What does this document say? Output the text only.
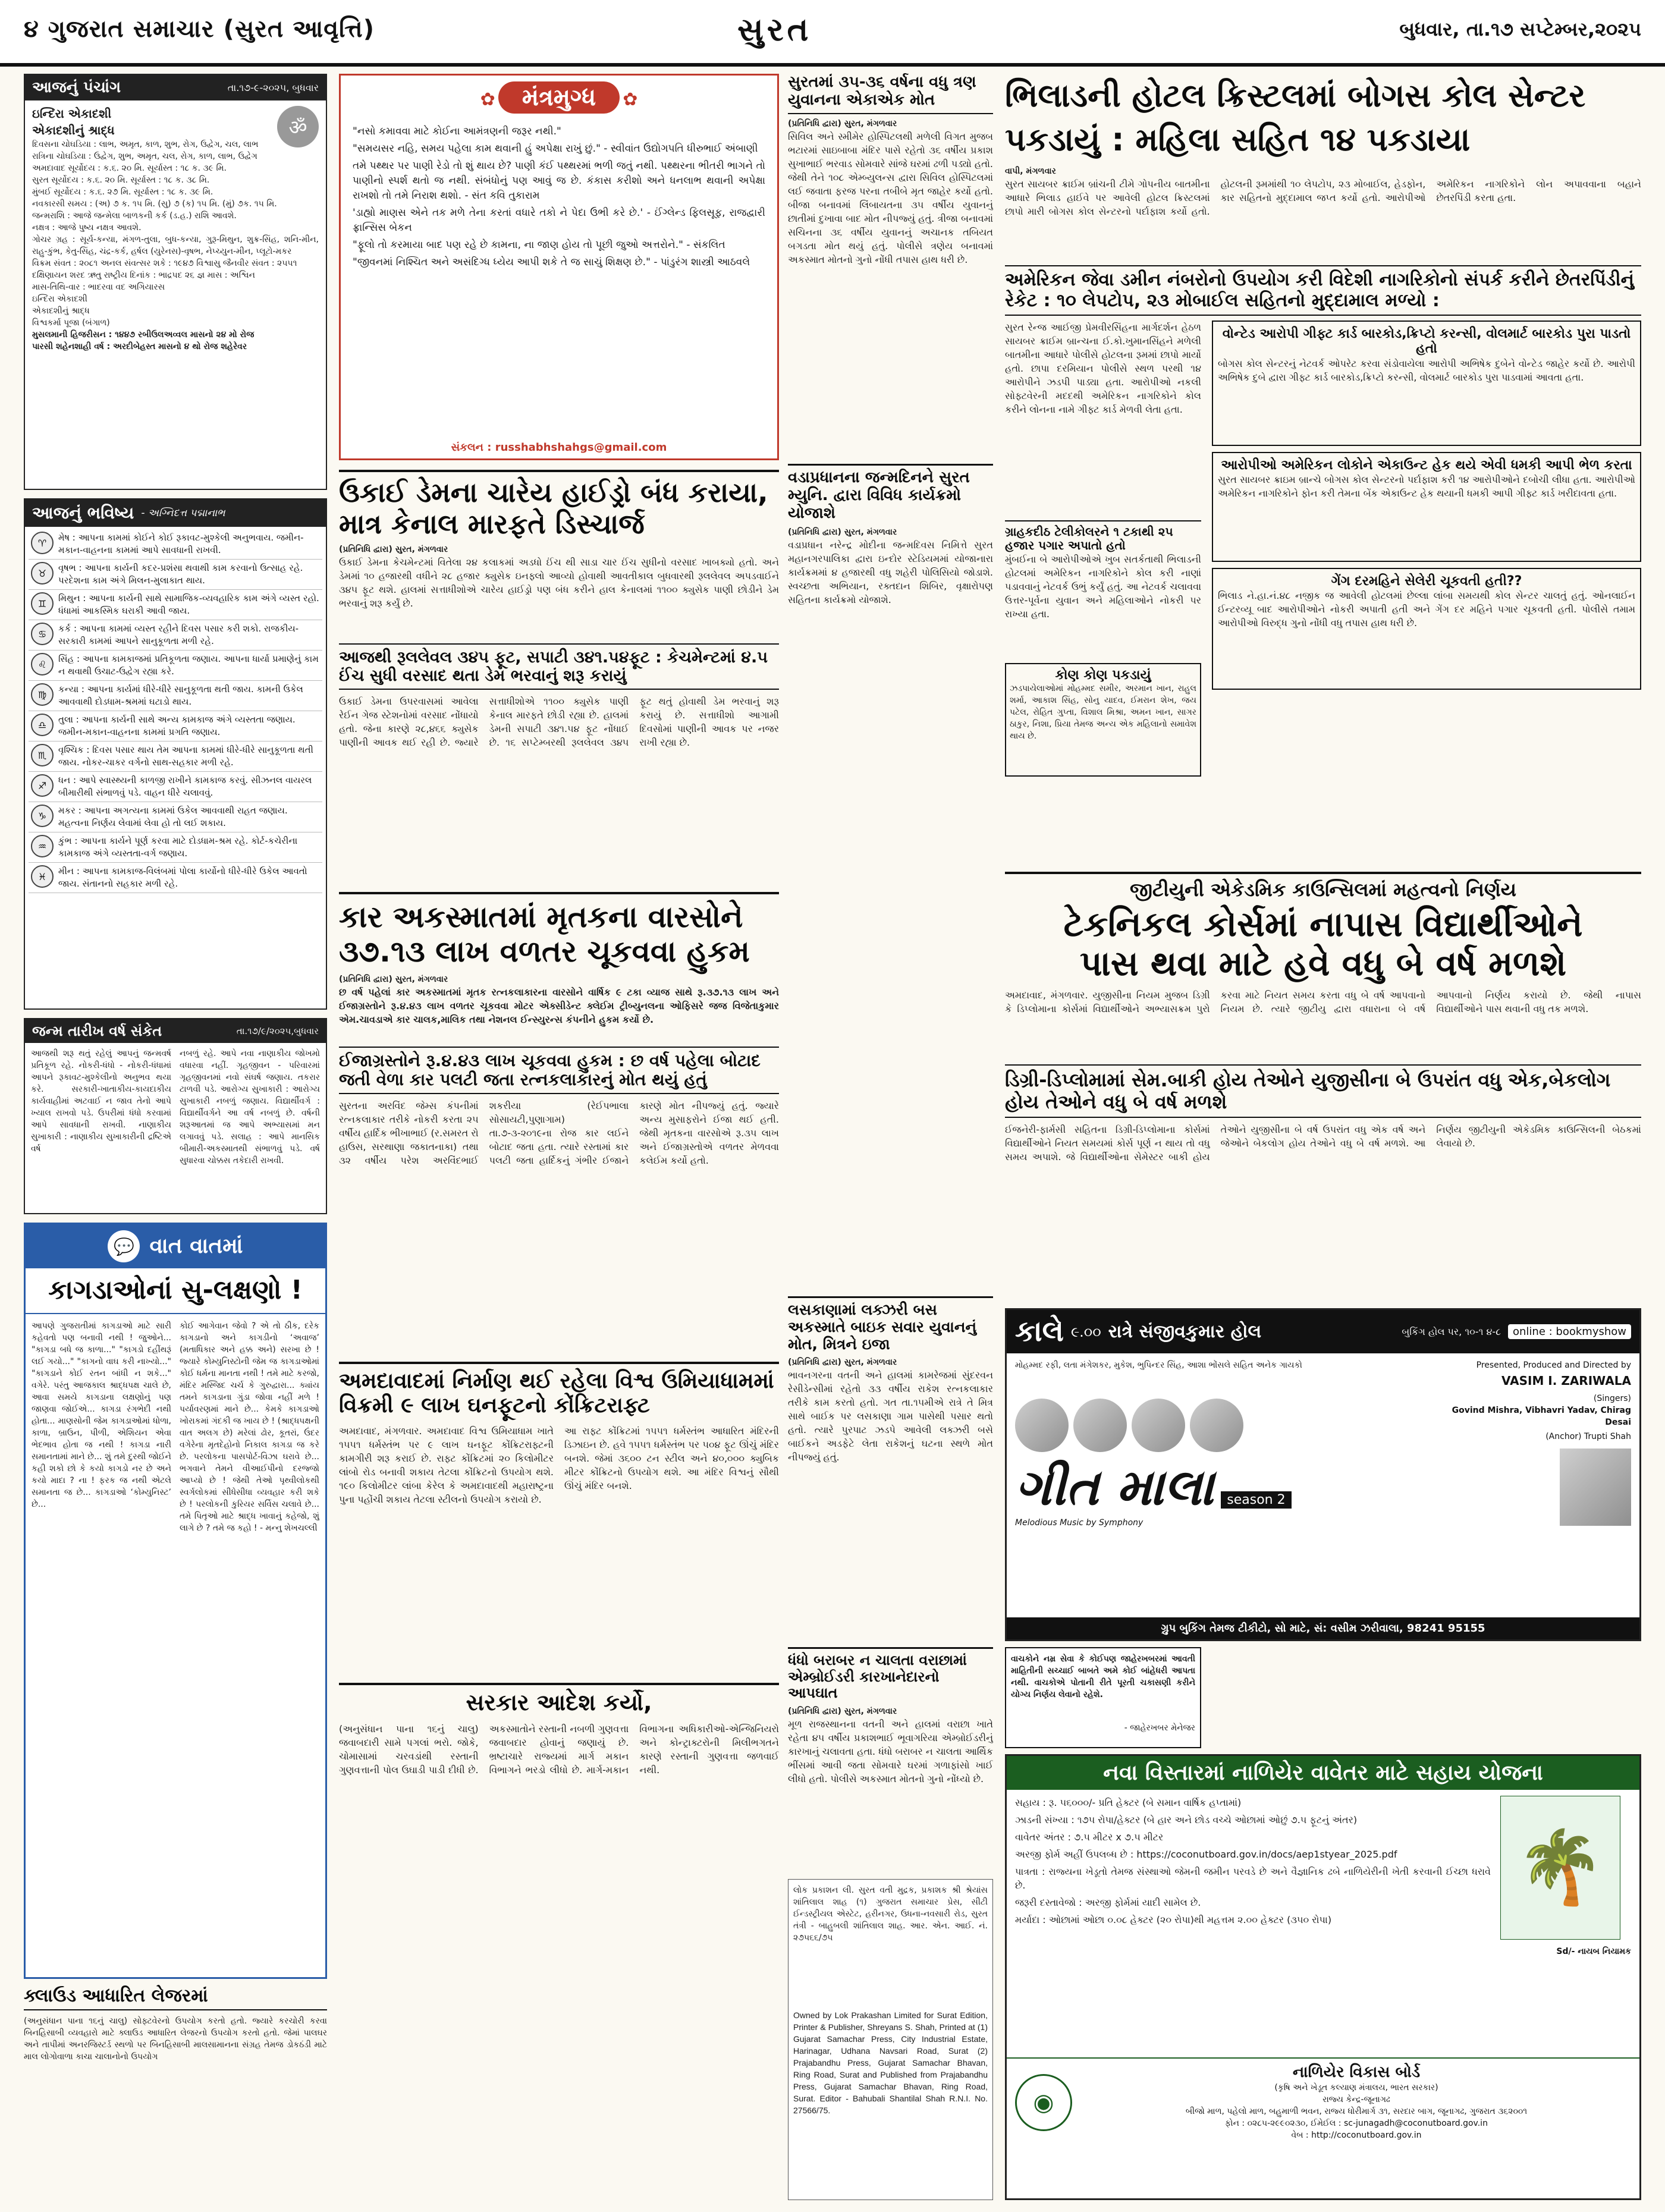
૪ ગુજરાત સમાચાર (સુરત આવૃત્તિ)	સુરત	બુધવાર, તા.૧૭ સપ્ટેમ્બર,૨૦૨૫
આજનું પંચાંગ	તા.૧૭-૯-૨૦૨૫, બુધવાર
ॐ
ઇન્દિરા એકાદશી
એકાદશીનું શ્રાદ્ધ
દિવસના ચોઘડિયા : લાભ, અમૃત, કાળ, શુભ, રોગ, ઉદ્વેગ, ચલ, લાભ
રાત્રિના ચોઘડિયા : ઉદ્વેગ, શુભ, અમૃત, ચલ, રોગ, કાળ, લાભ, ઉદ્વેગ
અમદાવાદ સૂર્યોદય : ક.૬. ૨૦ મિ. સૂર્યાસ્ત : ૧૮ ક. ૩૯ મિ.
સુરત સૂર્યોદય : ક.૬. ૨૦ મિ. સૂર્યાસ્ત : ૧૮ ક. ૩૮ મિ.
મુંબઈ સૂર્યોદય : ક.૬. ૨૭ મિ. સૂર્યાસ્ત : ૧૮ ક. ૩૯ મિ.
નવકારસી સમય : (અ) ૭ ક. ૧૫ મિ. (સુ) ૭ (ક) ૧૫ મિ. (મું) ૭ક. ૧૫ મિ.
જન્મરાશિ : આજે જન્મેલા બાળકની કર્ક (ડ.હ.) રાશિ આવશે.
નક્ષત્ર : આજે પુષ્ય નક્ષત્ર આવશે.
ગોચર ગ્રહ : સૂર્ય-કન્યા, મંગળ-તુલા, બુધ-કન્યા, ગુરૂ-મિથુન, શુક્ર-સિંહ, શનિ-મીન, રાહુ-કુંભ, કેતુ-સિંહ, ચંદ્ર-કર્ક, હર્ષલ (યુરેનસ)-વૃષભ, નેપ્ચ્યુન-મીન, પ્લૂટો-મકર
વિક્રમ સંવત : ૨૦૮૧ અનલ સંવત્સર શકે : ૧૯૪૭ વિશ્વાસુ જૈનવીર સંવત : ૨૫૫૧
દક્ષિણાયન શરદ ઋતુ રાષ્ટ્રીય દિનાંક : ભાદ્રપદ ૨૬ જ્ઞ માસ : અશ્વિન
માસ-તિથિ-વાર : ભાદરવા વદ અગિયારસ
ઇન્દિરા એકાદશી
એકાદશીનું શ્રાદ્ધ
વિશ્વકર્મા પૂજા (બંગાળ)
મુસલમાની હિજરીસન : ૧૪૪૭ રબીઉલઅવ્વલ માસનો ૨૪ મો રોજ
પારસી શહેનશાહી વર્ષ : અરદીબેહસ્ત માસનો ૪ થો રોજ શહેરેવર
આજનું ભવિષ્ય - અગ્નિદત્ત પદ્માનાભ
♈	મેષ : આપના કામમાં કોઈને કોઈ રૂકાવટ-મુશ્કેલી અનુભવાય. જમીન-મકાન-વાહનના કામમાં આપે સાવધાની રાખવી.
♉	વૃષભ : આપના કાર્યની કદર-પ્રશંસા થવાથી કામ કરવાનો ઉત્સાહ રહે. પરદેશના કામ અંગે મિલન-મુલાકાત થાય.
♊	મિથુન : આપના કાર્યની સાથે સામાજિક-વ્યવહારિક કામ અંગે વ્યસ્ત રહો. ધંધામાં આકસ્મિક ઘરાકી આવી જાય.
♋	કર્ક : આપના કામમાં વ્યસ્ત રહીને દિવસ પસાર કરી શકો. રાજકીય-સરકારી કામમાં આપને સાનુકૂળતા મળી રહે.
♌	સિંહ : આપના કામકાજમાં પ્રતિકૂળતા જણાય. આપના ધાર્યા પ્રમાણેનું કામ ન થવાથી ઉચાટ-ઉદ્વેગ રહ્યા કરે.
♍	કન્યા : આપના કાર્યમાં ધીરે-ધીરે સાનુકૂળતા થતી જાય. કામની ઉકેલ આવવાથી દોડધામ-શ્રમમાં ઘટાડો થાય.
♎	તુલા : આપના કાર્યની સાથે અન્ય કામકાજ અંગે વ્યસ્તતા જણાય. જમીન-મકાન-વાહનના કામમાં પ્રગતિ જણાય.
♏	વૃશ્ચિક : દિવસ પસાર થાય તેમ આપના કામમાં ધીરે-ધીરે સાનુકૂળતા થતી જાય. નોકર-ચાકર વર્ગનો સાથ-સહકાર મળી રહે.
♐	ધન : આપે સ્વાસ્થ્યની કાળજી રાખીને કામકાજ કરવું. સીઝનલ વાયરલ બીમારીથી સંભાળવું પડે. વાહન ધીરે ચલાવવું.
♑	મકર : આપના અગત્યના કામમાં ઉકેલ આવવાથી રાહત જણાય. મહત્વના નિર્ણય લેવામાં લેવા હો તો લઈ શકાય.
♒	કુંભ : આપના કાર્યને પૂર્ણ કરવા માટે દોડધામ-શ્રમ રહે. કોર્ટ-કચેરીના કામકાજ અંગે વ્યસ્તતા-વર્ગ જણાય.
♓	મીન : આપના કામકાજ-વિલંબમાં પોલા કાર્યોનો ધીરે-ધીરે ઉકેલ આવતો જાય. સંતાનનો સહકાર મળી રહે.
જન્મ તારીખ વર્ષ સંકેત	તા.૧૭/૯/૨૦૨૫,બુધવાર
આજથી શરૂ થતું રહેલું આપનું જન્મવર્ષ પ્રતિકૂળ રહે. નોકરી-ધંધો - નોકરી-ધંધામાં આપને રૂકાવટ-મુશ્કેલીનો અનુભવ થયા કરે. સરકારી-ખાતાકીય-કાયદાકીય કાર્યવાહીમાં અટવાઈ ન જાવ તેનો આપે ખ્યાલ રાખવો પડે. ઉપરીમાં ધંધો કરવામાં આપે સાવધાની રાખવી. નાણાકીય સુખાકારી : નાણાકીય સુખાકારીની દ્રષ્ટિએ વર્ષ
નબળું રહે. આપે નવા નાણાકીય જોખમો વધારવા નહીં. ગૃહજીવન - પરિવારમાં ગૃહજીવનમાં નવો સંઘર્ષ જણાય. તકરાર ટાળવી પડે. આરોગ્ય સુખાકારી : આરોગ્ય સુખાકારી નબળું જણાય. વિદ્યાર્થીવર્ગ : વિદ્યાર્થીવર્ગને આ વર્ષ નબળું છે. વર્ષની શરૂઆતમાં જ આપે અભ્યાસમાં મન લગાવવું પડે. સલાહ : આપે માનસિક બીમારી-અકસ્માતથી સંભાળવું પડે. વર્ષ સુધારવા ચોક્કસ તકેદારી રાખવી.
💬 વાત વાતમાં
કાગડાઓનાં સુ-લક્ષણો !
આપણે ગુજરાતીમાં કાગડાઓ માટે સારી કહેવતો પણ બનાવી નથી ! જુઓને... "કાગડા બધે જ કાળા..." "કાગડો દહીંથરૂં લઈ ગયો..." "કાગનો વાઘ કરી નાખ્યો..." "કાગડાને કોઈ રતન બાંધી ન શકે..." વગેરે. પરંતુ આજકાલ શ્રાદ્ધપક્ષ ચાલે છે, આવા સમયે કાગડાના લક્ષણોનું પણ જાણવા જોઈએ... કાગડા રંગભેદી નથી હોતા... માણસોની જેમ કાગડાઓમાં ધોળા, કાળા, બ્રાઉન, પીળી, એશિયન એવા ભેદભાવ હોતા જ નથી ! કાગડા નારી સમાનતામાં માને છે... શું તમે દુરથી જોઈને કહી શકો છો કે કયો કાગડો નર છે અને કયો માદા ? ના ! ફરક જ નથી એટલે સમાનતા જ છે... કાગડાઓ ‘કોમ્યુનિસ્ટ’ છે...
કોઈ આગેવાન જેવો ? એ તો ઠીક, દરેક કાગડાનો અને કાગડીનો ‘અવાજ’ (મતાધિકાર અને હક્ક અને) સરખા છે ! જ્યારે કોમ્યુનિસ્ટોની જેમ જ કાગડાઓમાં કોઈ ધર્મના માનતા નથી ! તમે માટે કરજો, મંદિર મસ્જિદ ચર્ચ કે ગુરુદ્વારા... ક્યાંય તમને કાગડાના ગુંડા જોવા નહીં મળે ! પર્યાવરણમાં માને છે... કેમકે કાગડાઓ ખોરાકમાં ગંદકી જ ખાય છે ! (શ્રાદ્ધપક્ષની વાત અલગ છે) મરેલાં ઢોર, કૂતરાં, ઉંદર વગેરેના મૃતદેહોનો નિકાલ કાગડા જ કરે છે. પરલોકના પાસપોર્ટ-વિઝા ઘરાવે છે... ભગવાને તેમને વીઆઈપીનો દરજ્જો આપ્યો છે ! જેથી તેઓ પૃથ્વીલોકથી સ્વર્ગલોકમાં સીધેસીધા વ્યવહાર કરી શકે છે ! પરલોકની કુરિયર સર્વિસ ચલાવે છે... તમે પિતૃઓ માટે શ્રાદ્ધ ખાવાનું કહેજો, શું લાગે છે ? તમે જ કહો ! - મન્નુ શેખચલ્લી
ક્લાઉડ આધારિત લેજરમાં
(અનુસંધાન પાના ૧૬નું ચાલુ) સોફ્ટવેરનો ઉપયોગ કરતો હતો. જ્યારે કરચોરી કરવા બિનહિસાબી વ્યવહારો માટે ક્લાઉડ આધારિત લેજરનો ઉપયોગ કરતો હતો. જેમાં પાલઘર અને તાપીમાં અનરજિસ્ટર્ડ સ્થળો પર બિનહિસાબી માલસામાનના સંગ્રહ તેમજ ડોકઠંડી માટે માલ લોગોવાળા કાચા ચાલાનોનો ઉપયોગ
✿ મંત્રમુગ્ધ ✿

"નસો કમાવવા માટે કોઈના આમંત્રણની જરૂર નથી."

"સમયસર નહિ, સમય પહેલા કામ થવાની હું અપેક્ષા રાખું છું." - સ્વીવાંત ઉદ્યોગપતિ ધીરુભાઈ અંબાણી

તમે પથ્થર પર પાણી રેડો તો શું થાય છે? પાણી કંઈ પથ્થરમાં ભળી જતું નથી. પથ્થરના ભીતરી ભાગને તો પાણીનો સ્પર્શ થતો જ નથી. સંબંધોનું પણ આવું જ છે. કંકાસ કરીશો અને ધનલાભ થવાની અપેક્ષા રાખશો તો તમે નિરાશ થશો. - સંત કવિ તુકારામ

'ડાહ્યો માણસ એને તક મળે તેના કરતાં વધારે તકો ને પેદા ઉભી કરે છે.' - ઈંગ્લેન્ડ ફિલસૂફ, રાજદ્વારી ફ્રાન્સિસ બેકન

"ફૂલો તો કરમાયા બાદ પણ રહે છે કામના, ના જાણ હોય તો પૂછી જુઓ અત્તરોને." - સંકલિત

"જીવનમાં નિશ્ચિત અને અસંદિગ્ધ ધ્યેય આપી શકે તે જ સાચું શિક્ષણ છે." - પાંડુરંગ શાસ્ત્રી આઠવલે

સંકલન : russhabhshahgs@gmail.com
ઉકાઈ ડેમના ચારેય હાઈડ્રો બંધ કરાયા, માત્ર કેનાલ મારફતે ડિસ્ચાર્જ
(પ્રતિનિધિ દ્વારા) સુરત, મંગળવાર
ઉકાઈ ડેમના કેચમેન્ટમાં વિતેલા ૨૪ કલાકમાં અડધો ઈંચ થી સાડા ચાર ઈંચ સુધીનો વરસાદ ખાબક્યો હતો. અને ડેમમાં ૧૦ હજારથી વધીને ૨૮ હજાર ક્યુસેક ઇનફ્લો આવ્યો હોવાથી આવતીકાલ બુધવારથી રૂલલેવલ અપડવાઈને ૩૪૫ ફૂટ થશે. હાલમાં સત્તાધીશોએ ચારેય હાઈડ્રો પણ બંધ કરીને હાલ કેનાલમાં ૧૧૦૦ ક્યુસેક પાણી છોડીને ડેમ ભરવાનું શરૂ કર્યું છે.
આજથી રૂલલેવલ ૩૪૫ ફૂટ, સપાટી ૩૪૧.૫૪ફૂટ : કેચમેન્ટમાં ૪.૫ ઈંચ સુધી વરસાદ થતા ડેમ ભરવાનું શરૂ કરાયું
ઉકાઈ ડેમના ઉપરવાસમાં આવેલા રેઈન ગેજ સ્ટેશનોમાં વરસાદ નોંધાયો હતો. જેના કારણે ૨૮,૪૬૬ ક્યુસેક પાણીની આવક થઈ રહી છે. જ્યારે સત્તાધીશોએ ૧૧૦૦ ક્યુસેક પાણી કેનાલ મારફતે છોડી રહ્યા છે. હાલમાં ડેમની સપાટી ૩૪૧.૫૪ ફૂટ નોંધાઈ છે. ૧૬ સપ્ટેમ્બરથી રૂલલેવલ ૩૪૫ ફૂટ થતું હોવાથી ડેમ ભરવાનું શરૂ કરાયું છે. સત્તાધીશો આગામી દિવસોમાં પાણીની આવક પર નજર રાખી રહ્યા છે.
કાર અકસ્માતમાં મૃતકના વારસોને ૩૭.૧૩ લાખ વળતર ચૂકવવા હુકમ
(પ્રતિનિધિ દ્વારા) સુરત, મંગળવાર
છ વર્ષ પહેલાં કાર અકસ્માતમાં મૃતક રત્નકલાકારના વારસોને વાર્ષિક ૯ ટકા વ્યાજ સાથે રૂ.૩૭.૧૩ લાખ અને ઈજાગ્રસ્તોને રૂ.૪.૪૩ લાખ વળતર ચૂકવવા મોટર એક્સીડેન્ટ ક્લેઈમ ટ્રીબ્યુનલના ઓફિસરે જજ વિજેતાકુમાર એમ.ચાવડાએ કાર ચાલક,માલિક તથા નેશનલ ઈન્સ્યુરન્સ કંપનીને હુકમ કર્યો છે.
ઈજાગ્રસ્તોને રૂ.૪.૪૩ લાખ ચૂકવવા હુકમ : છ વર્ષ પહેલા બોટાદ જતી વેળા કાર પલટી જતા રત્નકલાકારનું મોત થયું હતું
સુરતના અરવિંદ જેમ્સ કંપનીમાં રત્નકલાકાર તરીકે નોકરી કરતા ૨૫ વર્ષીય હાર્દિક ભીખાભાઈ (ર.સમરત રો હાઉસ, સરથાણા જકાતનાકા) તથા ૩૨ વર્ષીય પરેશ અરવિંદભાઈ શકરીયા (રેઈપભાલા સોસાયટી,પુણાગામ) તા.૭-૩-૨૦૧૯ના રોજ કાર લઈને બોટાદ જતા હતા. ત્યારે રસ્તામાં કાર પલટી જતા હાર્દિકનું ગંભીર ઈજાને કારણે મોત નીપજ્યું હતું. જ્યારે અન્ય મુસાફરોને ઈજા થઈ હતી. જેથી મૃતકના વારસોએ રૂ.૩૫ લાખ અને ઈજાગ્રસ્તોએ વળતર મેળવવા કલેઈમ કર્યો હતો.
અમદાવાદમાં નિર્માણ થઈ રહેલા વિશ્વ ઉમિયાધામમાં વિક્રમી ૯ લાખ ઘનફૂટનો કોંક્રિટરાફ્ટ
અમદાવાદ, મંગળવાર. અમદાવાદ વિશ્વ ઉમિયાધામ ખાતે ૧૫૫૧ ધર્મસ્તંભ પર ૯ લાખ ઘનફૂટ કોંક્રિટરાફ્ટની કામગીરી શરૂ કરાઈ છે. રાફ્ટ કોંક્રિટમાં ૨૦ કિલોમીટર લાંબો રોડ બનાવી શકાય તેટલા કોંક્રિટનો ઉપયોગ થશે. ૧૯૦ કિલોમીટર લાંબા કેરેલ કે અમદાવાદથી મહારાષ્ટ્રના પુના પહોંચી શકાય તેટલા સ્ટીલનો ઉપયોગ કરાયો છે.
આ રાફ્ટ કોંક્રિટમાં ૧૫૫૧ ધર્મસ્તંભ આધારિત મંદિરની ડિઝાઇન છે. હવે ૧૫૫૧ ધર્મસ્તંભ પર ૫૦૪ ફૂટ ઊંચું મંદિર બનશે. જેમાં ૩૬૦૦ ટન સ્ટીલ અને ૪૦,૦૦૦ ક્યુબિક મીટર કોંક્રિટનો ઉપયોગ થશે. આ મંદિર વિશ્વનું સૌથી ઊંચું મંદિર બનશે.
સરકાર આદેશ કર્યો,
(અનુસંધાન પાના ૧૬નું ચાલુ) જવાબદારી સામે પગલાં ભરો. જોકે, ચોમાસામાં ચરવડાંથી રસ્તાની ગુણવત્તાની પોલ ઉઘાડી પાડી દીધી છે. અકસ્માતોને રસ્તાની નબળી ગુણવત્તા જવાબદાર હોવાનું જણાયું છે. ભ્રષ્ટાચારે રાજ્યમાં માર્ગ મકાન વિભાગને ભરડો લીધો છે. માર્ગ-મકાન વિભાગના અધિકારીઓ-એન્જિનિયરો અને કોન્ટ્રાક્ટરોની મિલીભગતને કારણે રસ્તાની ગુણવત્તા જળવાઈ નથી.
સુરતમાં ૩૫-૩૬ વર્ષના વધુ ત્રણ યુવાનના એકાએક મોત
(પ્રતિનિધિ દ્વારા) સુરત, મંગળવાર
સિવિલ અને સ્મીમેર હોસ્પિટલથી મળેલી વિગત મુજબ ભટારમાં સાઇબાબા મંદિર પાસે રહેતો ૩૬ વર્ષીય પ્રકાશ સુખાભાઈ ભરવાડ સોમવારે સાંજે ઘરમાં ઢળી પડ્યો હતો. જેથી તેને ૧૦૮ એમ્બ્યુલન્સ દ્વારા સિવિલ હોસ્પિટલમાં લઈ જવાતા ફરજ પરના તબીબે મૃત જાહેર કર્યો હતો. બીજા બનાવમાં લિંબાયતના ૩૫ વર્ષીય યુવાનનું છાતીમાં દુખાવા બાદ મોત નીપજ્યું હતું. ત્રીજા બનાવમાં સચિનના ૩૬ વર્ષીય યુવાનનું અચાનક તબિયત બગડતા મોત થયું હતું. પોલીસે ત્રણેય બનાવમાં અકસ્માત મોતનો ગુનો નોંધી તપાસ હાથ ધરી છે.
વડાપ્રધાનના જન્મદિનને સુરત મ્યુનિ. દ્વારા વિવિધ કાર્યક્રમો યોજાશે
(પ્રતિનિધિ દ્વારા) સુરત, મંગળવાર
વડાપ્રધાન નરેન્દ્ર મોદીના જન્મદિવસ નિમિત્તે સુરત મહાનગરપાલિકા દ્વારા ઇન્દોર સ્ટેડિયમમાં યોજાનારા કાર્યક્રમમાં ૪ હજારથી વધુ શહેરી પોલિસિયો જોડાશે. સ્વચ્છતા અભિયાન, રક્તદાન શિબિર, વૃક્ષારોપણ સહિતના કાર્યક્રમો યોજાશે.
લસકાણામાં લક્ઝરી બસ અકસ્માતે બાઇક સવાર યુવાનનું મોત, મિત્રને ઇજા
(પ્રતિનિધિ દ્વારા) સુરત, મંગળવાર
ભાવનગરના વતની અને હાલમાં કામરેજમાં સુંદરવન રેસીડેન્સીમાં રહેતો ૩૩ વર્ષીય રાકેશ રત્નકલાકાર તરીકે કામ કરતો હતો. ગત તા.૧૫મીએ રાત્રે તે મિત્ર સાથે બાઈક પર લસકાણા ગામ પાસેથી પસાર થતો હતો. ત્યારે પુરપાટ ઝડપે આવેલી લક્ઝરી બસે બાઈકને અડફેટે લેતા રાકેશનું ઘટના સ્થળે મોત નીપજ્યું હતું.
ધંધો બરાબર ન ચાલતા વરાછામાં એમ્બ્રોઈડરી કારખાનેદારનો આપઘાત
(પ્રતિનિધિ દ્વારા) સુરત, મંગળવાર
મૂળ રાજસ્થાનના વતની અને હાલમાં વરાછા ખાતે રહેતા ૪૫ વર્ષીય પ્રકાશભાઈ ભૂવાગરિયા એમ્બ્રોઈડરીનું કારખાનું ચલાવતા હતા. ધંધો બરાબર ન ચાલતા આર્થિક ભીંસમાં આવી જતા સોમવારે ઘરમાં ગળાફાંસો ખાઈ લીધો હતો. પોલીસે અકસ્માત મોતનો ગુનો નોંધ્યો છે.
લોક પ્રકાશન લી. સુરત વતી મુદ્રક, પ્રકાશક શ્રી શ્રેયાંસ શાંતિલાલ શાહ (૧) ગુજરાત સમાચાર પ્રેસ, સીટી ઈન્ડસ્ટ્રીયલ એસ્ટેટ, હરીનગર, ઉધના-નવસારી રોડ, સુરત તંત્રી - બાહુબલી શાંતિલાલ શાહ. આર. એન. આઈ. નં. ૨૭૫૬૬/૭૫
Owned by Lok Prakashan Limited for Surat Edition, Printer & Publisher, Shreyans S. Shah, Printed at (1) Gujarat Samachar Press, City Industrial Estate, Harinagar, Udhana Navsari Road, Surat (2) Prajabandhu Press, Gujarat Samachar Bhavan, Ring Road, Surat and Published from Prajabandhu Press, Gujarat Samachar Bhavan, Ring Road, Surat. Editor - Bahubali Shantilal Shah R.N.I. No. 27566/75.
ભિલાડની હોટલ ક્રિસ્ટલમાં બોગસ કોલ સેન્ટર પકડાયું : મહિલા સહિત ૧૪ પકડાયા
વાપી, મંગળવાર
સુરત સાયબર ક્રાઈમ બ્રાંચની ટીમે ગોપનીય બાતમીના આધારે ભિલાડ હાઈવે પર આવેલી હોટલ ક્રિસ્ટલમાં છાપો મારી બોગસ કોલ સેન્ટરનો પર્દાફાશ કર્યો હતો. હોટલની રૂમમાંથી ૧૦ લેપટોપ, ૨૩ મોબાઈલ, હેડફોન, કાર સહિતનો મુદ્દામાલ જપ્ત કર્યો હતો. આરોપીઓ અમેરિકન નાગરિકોને લોન અપાવવાના બહાને છેતરપિંડી કરતા હતા.
અમેરિકન જેવા ડમીન નંબરોનો ઉપયોગ કરી વિદેશી નાગરિકોનો સંપર્ક કરીને છેતરપિંડીનું રેકેટ : ૧૦ લેપટોપ, ૨૩ મોબાઈલ સહિતનો મુદ્દામાલ મળ્યો :
સુરત રેન્જ આઈજી પ્રેમવીરસિંહના માર્ગદર્શન હેઠળ સાયબર ક્રાઈમ બ્રાન્ચના ઈ.કો.ખુમાનસિંહને મળેલી બાતમીના આધારે પોલીસે હોટલના રૂમમાં છાપો માર્યો હતો. છાપા દરમિયાન પોલીસે સ્થળ પરથી ૧૪ આરોપીને ઝડપી પાડ્યા હતા. આરોપીઓ નકલી સોફ્ટવેરની મદદથી અમેરિકન નાગરિકોને કોલ કરીને લોનના નામે ગીફ્ટ કાર્ડ મેળવી લેતા હતા.
ગ્રાહકદીઠ ટેલીકોલરને ૧ ટકાથી ૨૫ હજાર પગાર અપાતો હતો
મુંબઈના બે આરોપીઓએ ખુબ સતર્કતાથી ભિલાડની હોટલમાં અમેરિકન નાગરિકોને કોલ કરી નાણાં પડાવવાનું નેટવર્ક ઉભું કર્યું હતું. આ નેટવર્ક ચલાવવા ઉત્તર-પૂર્વના યુવાન અને મહિલાઓને નોકરી પર રાખ્યા હતા.
કોણ કોણ પકડાયું
ઝડપાયેલાઓમાં મોહમ્મદ સમીર, અરમાન ખાન, રાહુલ શર્મા, આકાશ સિંહ, સોનુ યાદવ, ઈમરાન શેખ, જય પટેલ, રોહિત ગુપ્તા, વિશાલ મિશ્રા, અમન ખાન, સાગર ઠાકુર, નિશા, પ્રિયા તેમજ અન્ય એક મહિલાનો સમાવેશ થાય છે.
વોન્ટેડ આરોપી ગીફ્ટ કાર્ડ બારકોડ,ક્રિપ્ટો કરન્સી, વોલમાર્ટ બારકોડ પુરા પાડતો હતો
બોગસ કોલ સેન્ટરનું નેટવર્ક ઓપરેટ કરવા સંડોવાયેલા આરોપી અભિષેક દુબેને વોન્ટેડ જાહેર કર્યો છે. આરોપી અભિષેક દુબે દ્વારા ગીફ્ટ કાર્ડ બારકોડ,ક્રિપ્ટો કરન્સી, વોલમાર્ટ બારકોડ પુરા પાડવામાં આવતા હતા.
આરોપીઓ અમેરિકન લોકોને એકાઉન્ટ હેક થયે એવી ધમકી આપી ભેળ કરતા
સુરત સાયબર ક્રાઇમ બ્રાન્ચે બોગસ કોલ સેન્ટરનો પર્દાફાશ કરી ૧૪ આરોપીઓને દબોચી લીધા હતા. આરોપીઓ અમેરિકન નાગરિકોને ફોન કરી તેમના બેંક એકાઉન્ટ હેક થયાની ધમકી આપી ગીફ્ટ કાર્ડ ખરીદાવતા હતા.
ગેંગ દરમહિને સેલેરી ચૂકવતી હતી??
ભિલાડ ને.હા.નં.૪૮ નજીક જ આવેલી હોટલમાં છેલ્લા લાંબા સમયથી કોલ સેન્ટર ચાલતું હતું. ઓનલાઈન ઈન્ટરવ્યૂ બાદ આરોપીઓને નોકરી અપાતી હતી અને ગેંગ દર મહિને પગાર ચૂકવતી હતી. પોલીસે તમામ આરોપીઓ વિરુદ્ધ ગુનો નોંધી વધુ તપાસ હાથ ધરી છે.
જીટીયુની એકેડમિક કાઉન્સિલમાં મહત્વનો નિર્ણય
ટેકનિકલ કોર્સમાં નાપાસ વિદ્યાર્થીઓને
પાસ થવા માટે હવે વધુ બે વર્ષ મળશે
અમદાવાદ, મંગળવાર. યુજીસીના નિયમ મુજબ ડિગ્રી કે ડિપ્લોમાના કોર્સમાં વિદ્યાર્થીઓને અભ્યાસક્રમ પુરો કરવા માટે નિયત સમય કરતા વધુ બે વર્ષ આપવાનો નિયમ છે. ત્યારે જીટીયુ દ્વારા વધારાના બે વર્ષ આપવાનો નિર્ણય કરાયો છે. જેથી નાપાસ વિદ્યાર્થીઓને પાસ થવાની વધુ તક મળશે.
ડિગ્રી-ડિપ્લોમામાં સેમ.બાકી હોય તેઓને યુજીસીના બે ઉપરાંત વધુ એક,બેકલોગ હોય તેઓને વધુ બે વર્ષ મળશે
ઈજનેરી-ફાર્મસી સહિતના ડિગ્રી-ડિપ્લોમાના કોર્સમાં વિદ્યાર્થીઓને નિયત સમયમાં કોર્સ પૂર્ણ ન થાય તો વધુ સમય અપાશે. જે વિદ્યાર્થીઓના સેમેસ્ટર બાકી હોય તેઓને યુજીસીના બે વર્ષ ઉપરાંત વધુ એક વર્ષ અને જેઓને બેકલોગ હોય તેઓને વધુ બે વર્ષ મળશે. આ નિર્ણય જીટીયુની એકેડમિક કાઉન્સિલની બેઠકમાં લેવાયો છે.
કાલે ૯.૦૦ રાત્રે સંજીવકુમાર હોલ	બુકિંગ હોલ પર, ૧૦-૧ ૪-૮	online : bookmyshow
મોહમ્મદ રફી, લતા મંગેશકર, મુકેશ, ભુપિન્દર સિંહ, આશા ભોંસલે સહિત અનેક ગાયકો
ગીત માલા	season 2
Melodious Music by Symphony
Presented, Produced and Directed by
VASIM I. ZARIWALA
(Singers)
Govind Mishra, Vibhavri Yadav, Chirag Desai
(Anchor) Trupti Shah
ગ્રુપ બુકિંગ તેમજ ટીકીટો, સો માટે, સં: વસીમ ઝરીવાલા, 98241 95155
વાચકોને નમ્ર સેવા કે કોઈપણ જાહેરખબરમાં આવતી માહિતીની સચ્ચાઈ બાબતે અમે કોઈ બાંહેધરી આપતા નથી. વાચકોએ પોતાની રીતે પૂરતી ચકાસણી કરીને યોગ્ય નિર્ણય લેવાનો રહેશે.
- જાહેરખબર મેનેજર
નવા વિસ્તારમાં નાળિયેર વાવેતર માટે સહાય યોજના
સહાય : રૂ. ૫૬૦૦૦/- પ્રતિ હેક્ટર (બે સમાન વાર્ષિક હપ્તામાં)
ઝાડની સંખ્યા : ૧૭૫ રોપા/હેક્ટર (બે હાર અને છોડ વચ્ચે ઓછામાં ઓછું ૭.૫ ફૂટનું અંતર)
વાવેતર અંતર : ૭.૫ મીટર x ૭.૫ મીટર
અરજી ફોર્મ અહીં ઉપલબ્ધ છે : https://coconutboard.gov.in/docs/aep1styear_2025.pdf
પાત્રતા : રાજ્યના ખેડૂતો તેમજ સંસ્થાઓ જેમની જમીન પરવડે છે અને વૈજ્ઞાનિક ઢબે નાળિયેરીની ખેતી કરવાની ઈચ્છા ધરાવે છે.
જરૂરી દસ્તાવેજો : અરજી ફોર્મમાં યાદી સામેલ છે.
મર્યાદા : ઓછામાં ઓછા ૦.૦૮ હેક્ટર (૨૦ રોપા)થી મહત્તમ ૨.૦૦ હેક્ટર (૩૫૦ રોપા)
🌴
Sd/- નાયબ નિયામક
◉
નાળિયેર વિકાસ બોર્ડ
(કૃષિ અને ખેડૂત કલ્યાણ મંત્રાલય, ભારત સરકાર)
રાજ્ય કેન્દ્ર-જૂનાગઢ
બીજો માળ, પહેલો માળ, બહુમાળી ભવન, રાજ્ય ધોરીમાર્ગ ૩૧, સરદાર બાગ, જૂનાગઢ, ગુજરાત ૩૬૨૦૦૧
ફોન : ૦૨૮૫-૨૯૯૦૨૩૦, ઈમેઈલ : sc-junagadh@coconutboard.gov.in
વેબ : http://coconutboard.gov.in
